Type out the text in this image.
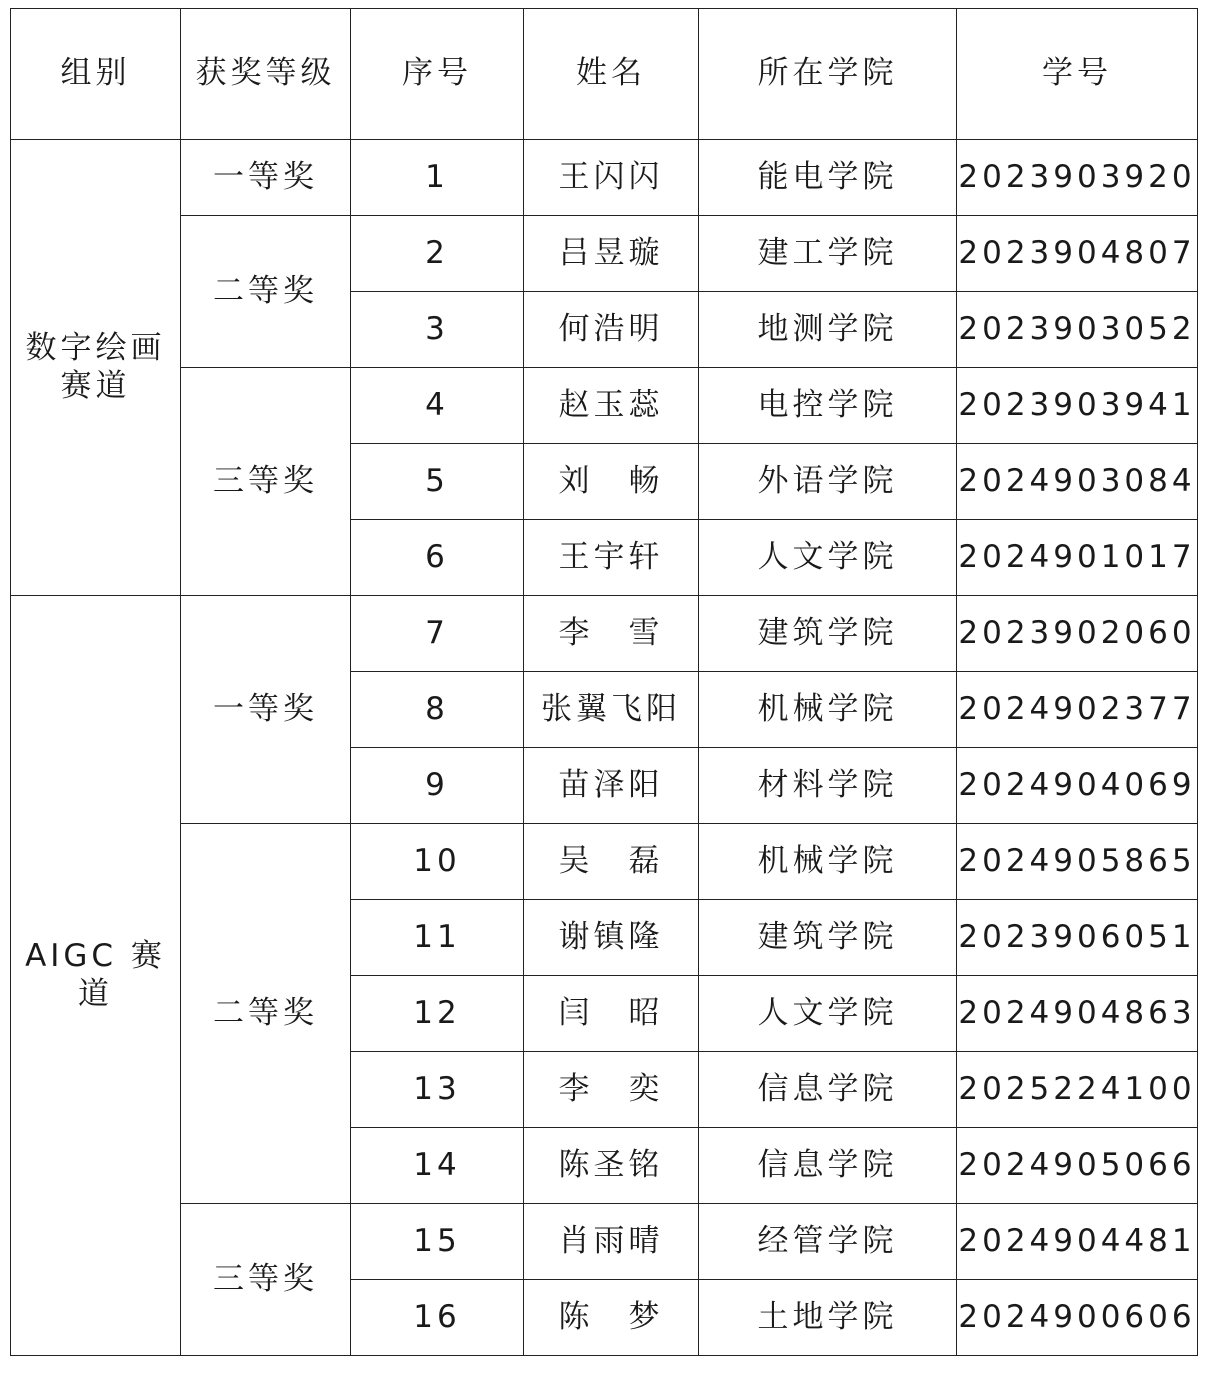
组别	获奖等级	序号	姓名	所在学院	学号
数字绘画赛道	一等奖	1	王闪闪	能电学院	2023903920
	二等奖	2	吕昱璇	建工学院	2023904807
		3	何浩明	地测学院	2023903052
	三等奖	4	赵玉蕊	电控学院	2023903941
		5	刘　畅	外语学院	2024903084
		6	王宇轩	人文学院	2024901017
AIGC 赛道	一等奖	7	李　雪	建筑学院	2023902060
		8	张翼飞阳	机械学院	2024902377
		9	苗泽阳	材料学院	2024904069
	二等奖	10	吴　磊	机械学院	2024905865
		11	谢镇隆	建筑学院	2023906051
		12	闫　昭	人文学院	2024904863
		13	李　奕	信息学院	2025224100
		14	陈圣铭	信息学院	2024905066
	三等奖	15	肖雨晴	经管学院	2024904481
		16	陈　梦	土地学院	2024900606
